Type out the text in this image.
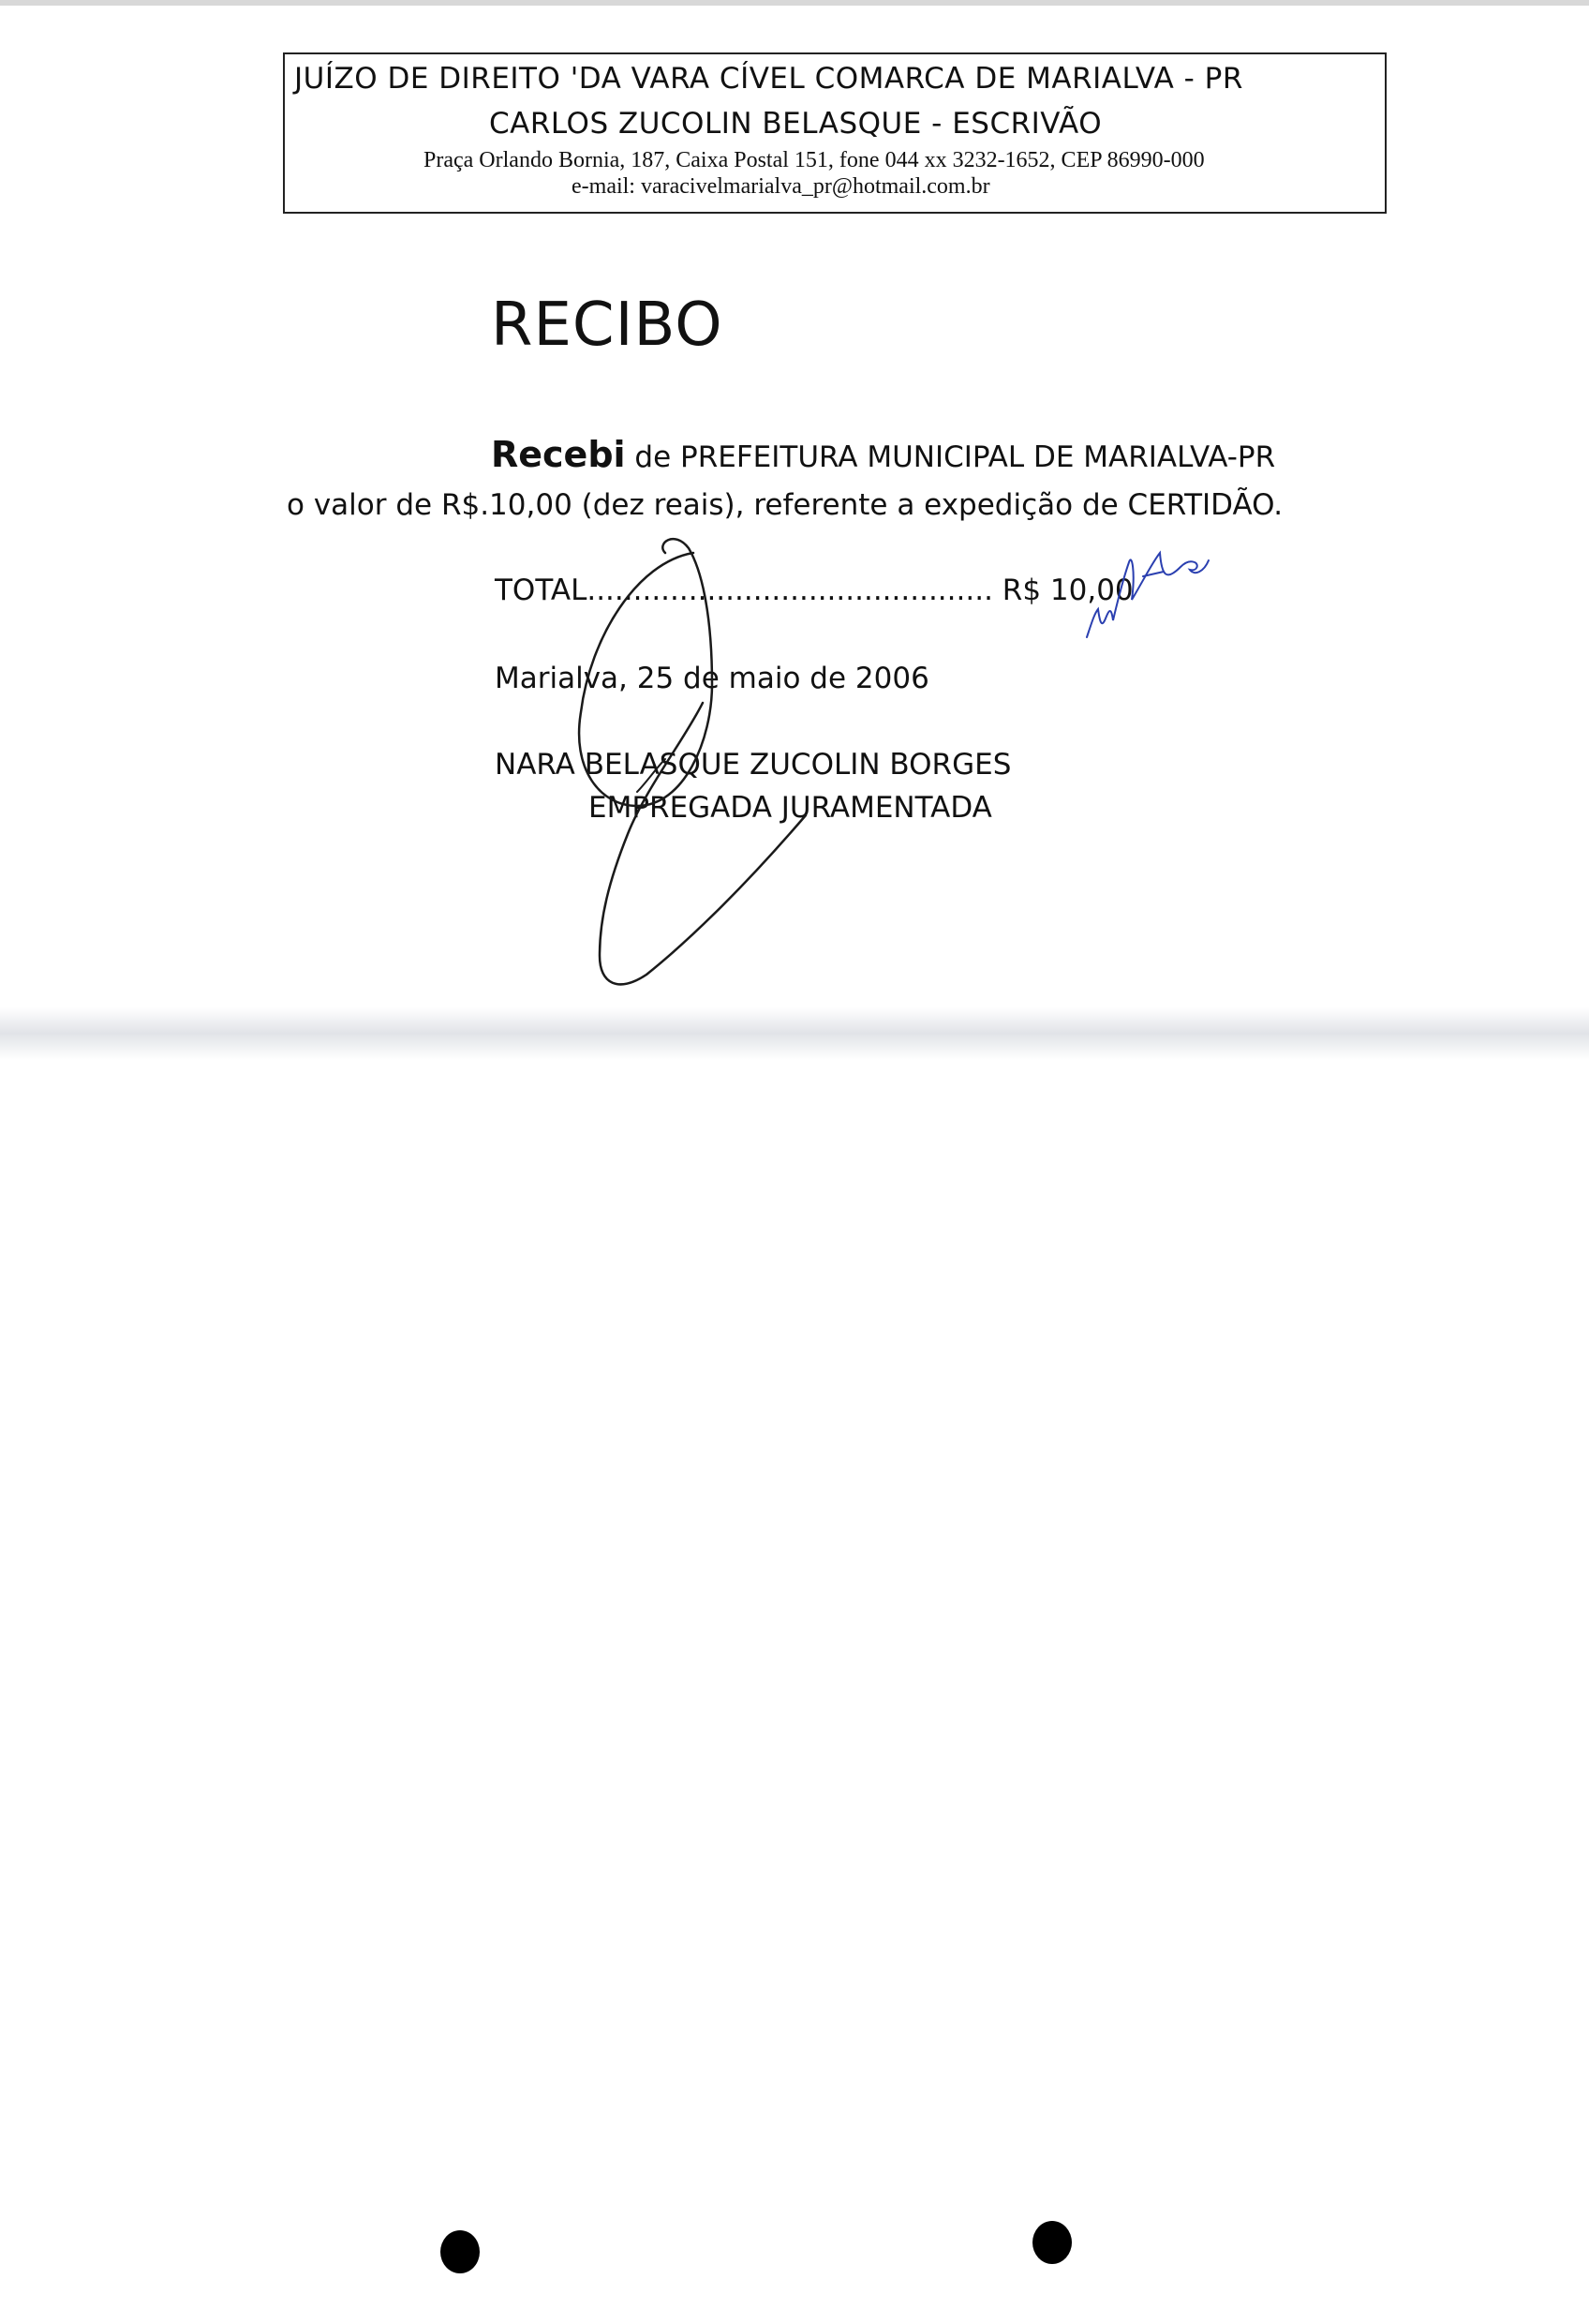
JUÍZO DE DIREITO 'DA VARA CÍVEL COMARCA DE MARIALVA - PR
CARLOS ZUCOLIN BELASQUE - ESCRIVÃO
Praça Orlando Bornia, 187, Caixa Postal 151, fone 044 xx 3232-1652, CEP 86990-000
e-mail: varacivelmarialva_pr@hotmail.com.br
RECIBO
Recebi de PREFEITURA MUNICIPAL DE MARIALVA-PR
o valor de R$.10,00 (dez reais), referente a expedição de CERTIDÃO.
TOTAL............................................ R$ 10,00
Marialva, 25 de maio de 2006
NARA BELASQUE ZUCOLIN BORGES
EMPREGADA JURAMENTADA
